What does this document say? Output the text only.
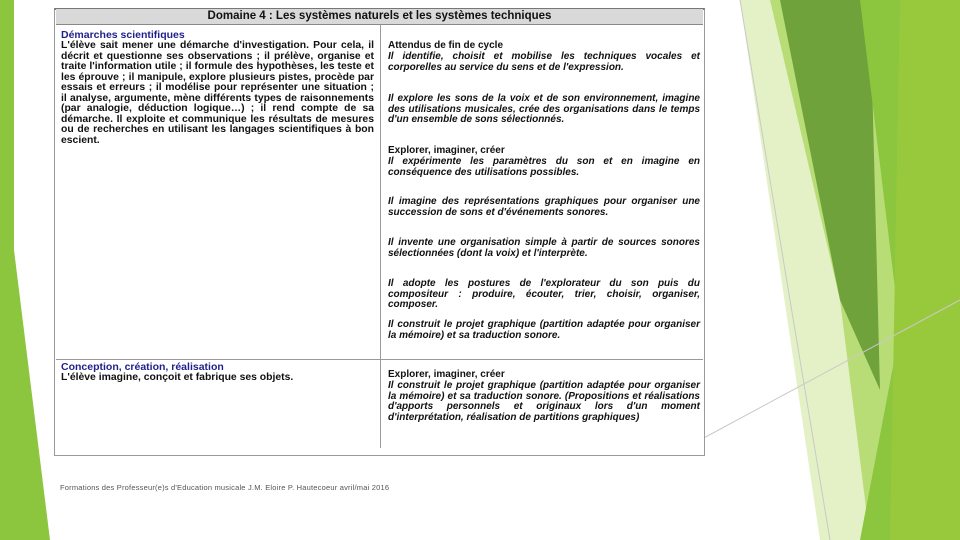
Domaine 4 : Les systèmes naturels et les systèmes techniques
Démarches scientifiques
L'élève sait mener une démarche d'investigation. Pour cela, il décrit et questionne ses observations ; il prélève, organise et traite l'information utile ; il formule des hypothèses, les teste et les éprouve ; il manipule, explore plusieurs pistes, procède par essais et erreurs ; il modélise pour représenter une situation ; il analyse, argumente, mène différents types de raisonnements (par analogie, déduction logique…) ; il rend compte de sa démarche. Il exploite et communique les résultats de mesures ou de recherches en utilisant les langages scientifiques à bon escient.
Attendus de fin de cycle
Il identifie, choisit et mobilise les techniques vocales et corporelles au service du sens et de l'expression.
Il explore les sons de la voix et de son environnement, imagine des utilisations musicales, crée des organisations dans le temps d'un ensemble de sons sélectionnés.
Explorer, imaginer, créer
Il expérimente les paramètres du son et en imagine en conséquence des utilisations possibles.
Il imagine des représentations graphiques pour organiser une succession de sons et d'événements sonores.
Il invente une organisation simple à partir de sources sonores sélectionnées (dont la voix) et l'interprète.
Il adopte les postures de l'explorateur du son puis du compositeur : produire, écouter, trier, choisir, organiser, composer.
Il construit le projet graphique (partition adaptée pour organiser la mémoire) et sa traduction sonore.
Conception, création, réalisation
L'élève imagine, conçoit et fabrique ses objets.	Explorer, imaginer, créer
Il construit le projet graphique (partition adaptée pour organiser la mémoire) et sa traduction sonore. (Propositions et réalisations d'apports personnels et originaux lors d'un moment d'interprétation, réalisation de partitions graphiques)
Formations des Professeur(e)s d'Education musicale J.M. Eloire P. Hautecoeur avril/mai 2016
